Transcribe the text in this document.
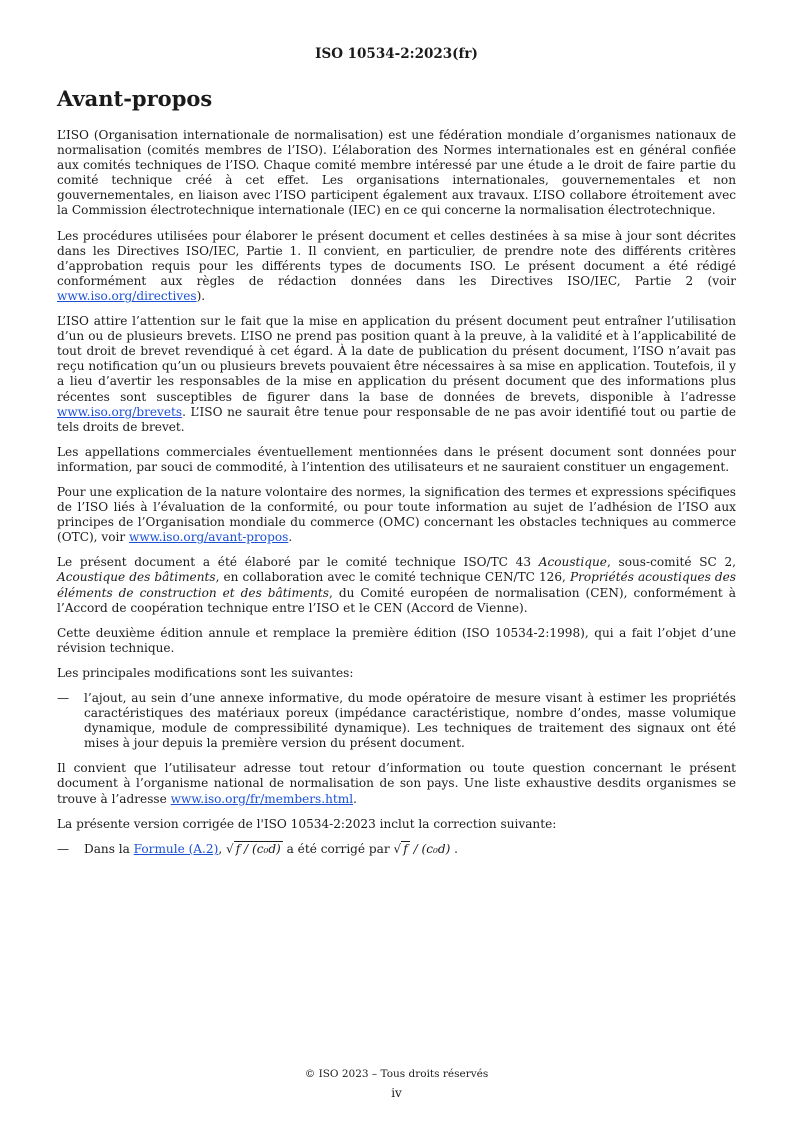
ISO 10534-2:2023(fr)
Avant-propos

L’ISO (Organisation internationale de normalisation) est une fédération mondiale d’organismes nationaux de normalisation (comités membres de l’ISO). L’élaboration des Normes internationales est en général confiée aux comités techniques de l’ISO. Chaque comité membre intéressé par une étude a le droit de faire partie du comité technique créé à cet effet. Les organisations internationales, gouvernementales et non gouvernementales, en liaison avec l’ISO participent également aux travaux. L’ISO collabore étroitement avec la Commission électrotechnique internationale (IEC) en ce qui concerne la normalisation électrotechnique.

Les procédures utilisées pour élaborer le présent document et celles destinées à sa mise à jour sont décrites dans les Directives ISO/IEC, Partie 1. Il convient, en particulier, de prendre note des différents critères d’approbation requis pour les différents types de documents ISO. Le présent document a été rédigé conformément aux règles de rédaction données dans les Directives ISO/IEC, Partie 2 (voir www.iso.org/directives).

L’ISO attire l’attention sur le fait que la mise en application du présent document peut entraîner l’utilisation d’un ou de plusieurs brevets. L’ISO ne prend pas position quant à la preuve, à la validité et à l’applicabilité de tout droit de brevet revendiqué à cet égard. À la date de publication du présent document, l’ISO n’avait pas reçu notification qu’un ou plusieurs brevets pouvaient être nécessaires à sa mise en application. Toutefois, il y a lieu d’avertir les responsables de la mise en application du présent document que des informations plus récentes sont susceptibles de figurer dans la base de données de brevets, disponible à l’adresse www.iso.org/brevets. L’ISO ne saurait être tenue pour responsable de ne pas avoir identifié tout ou partie de tels droits de brevet.

Les appellations commerciales éventuellement mentionnées dans le présent document sont données pour information, par souci de commodité, à l’intention des utilisateurs et ne sauraient constituer un engagement.

Pour une explication de la nature volontaire des normes, la signification des termes et expressions spécifiques de l’ISO liés à l’évaluation de la conformité, ou pour toute information au sujet de l’adhésion de l’ISO aux principes de l’Organisation mondiale du commerce (OMC) concernant les obstacles techniques au commerce (OTC), voir www.iso.org/avant-propos.

Le présent document a été élaboré par le comité technique ISO/TC 43 Acoustique, sous-comité SC 2, Acoustique des bâtiments, en collaboration avec le comité technique CEN/TC 126, Propriétés acoustiques des éléments de construction et des bâtiments, du Comité européen de normalisation (CEN), conformément à l’Accord de coopération technique entre l’ISO et le CEN (Accord de Vienne).

Cette deuxième édition annule et remplace la première édition (ISO 10534-2:1998), qui a fait l’objet d’une révision technique.

Les principales modifications sont les suivantes:

—	l’ajout, au sein d’une annexe informative, du mode opératoire de mesure visant à estimer les propriétés caractéristiques des matériaux poreux (impédance caractéristique, nombre d’ondes, masse volumique dynamique, module de compressibilité dynamique). Les techniques de traitement des signaux ont été mises à jour depuis la première version du présent document.

Il convient que l’utilisateur adresse tout retour d’information ou toute question concernant le présent document à l’organisme national de normalisation de son pays. Une liste exhaustive desdits organismes se trouve à l’adresse www.iso.org/fr/members.html.

La présente version corrigée de l'ISO 10534-2:2023 inclut la correction suivante:

—	Dans la Formule (A.2), √ f / (c₀d) a été corrigé par √ f / (c₀d) .
© ISO 2023 – Tous droits réservés
iv
